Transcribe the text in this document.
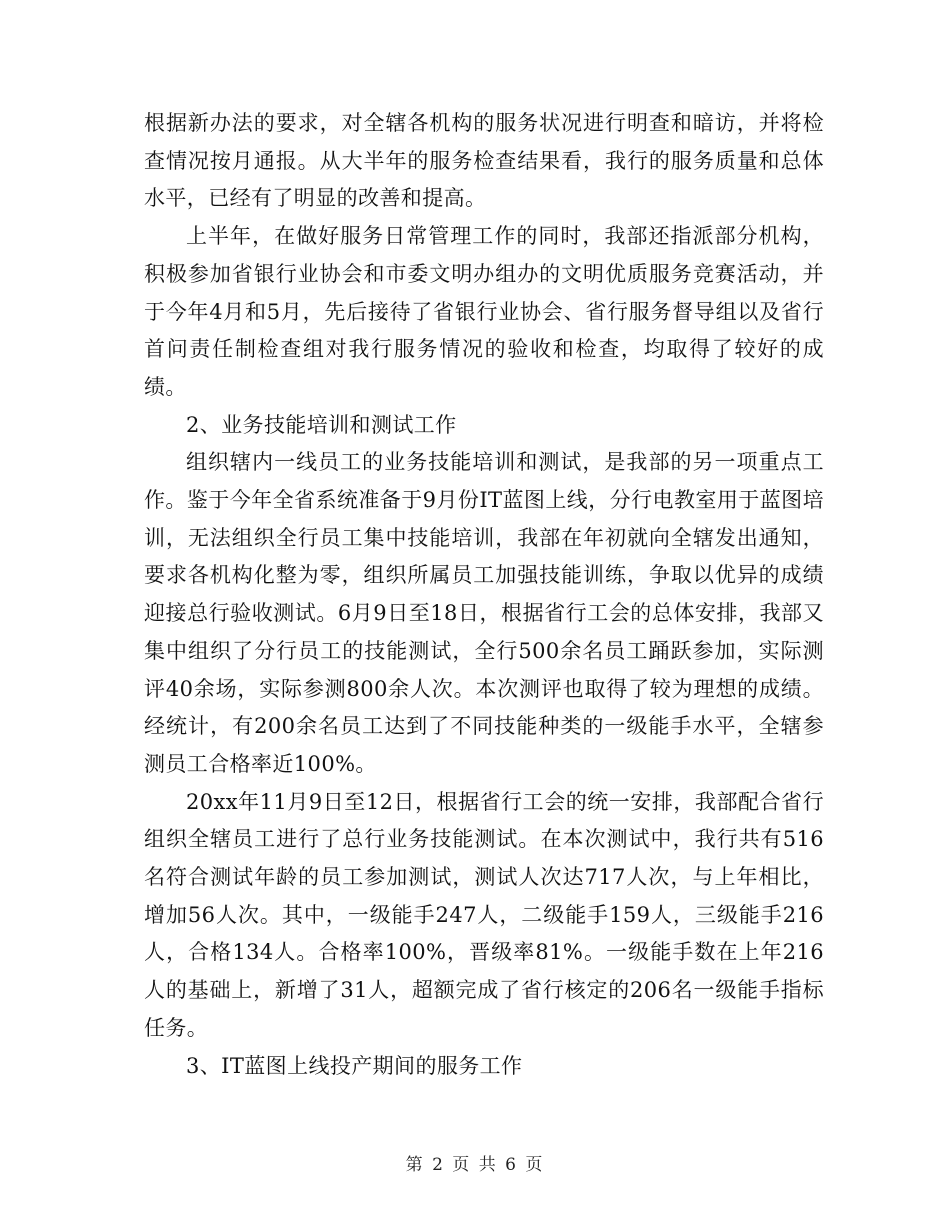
根据新办法的要求，对全辖各机构的服务状况进行明查和暗访，并将检查情况按月通报。从大半年的服务检查结果看，我行的服务质量和总体水平，已经有了明显的改善和提高。

上半年，在做好服务日常管理工作的同时，我部还指派部分机构，积极参加省银行业协会和市委文明办组办的文明优质服务竞赛活动，并于今年4月和5月，先后接待了省银行业协会、省行服务督导组以及省行首问责任制检查组对我行服务情况的验收和检查，均取得了较好的成绩。

2、业务技能培训和测试工作

组织辖内一线员工的业务技能培训和测试，是我部的另一项重点工作。鉴于今年全省系统准备于9月份IT蓝图上线，分行电教室用于蓝图培训，无法组织全行员工集中技能培训，我部在年初就向全辖发出通知，要求各机构化整为零，组织所属员工加强技能训练，争取以优异的成绩迎接总行验收测试。6月9日至18日，根据省行工会的总体安排，我部又集中组织了分行员工的技能测试，全行500余名员工踊跃参加，实际测评40余场，实际参测800余人次。本次测评也取得了较为理想的成绩。经统计，有200余名员工达到了不同技能种类的一级能手水平，全辖参测员工合格率近100%。

20xx年11月9日至12日，根据省行工会的统一安排，我部配合省行组织全辖员工进行了总行业务技能测试。在本次测试中，我行共有516名符合测试年龄的员工参加测试，测试人次达717人次，与上年相比，增加56人次。其中，一级能手247人，二级能手159人，三级能手216人，合格134人。合格率100%，晋级率81%。一级能手数在上年216人的基础上，新增了31人，超额完成了省行核定的206名一级能手指标任务。

3、IT蓝图上线投产期间的服务工作

第 2 页 共 6 页
